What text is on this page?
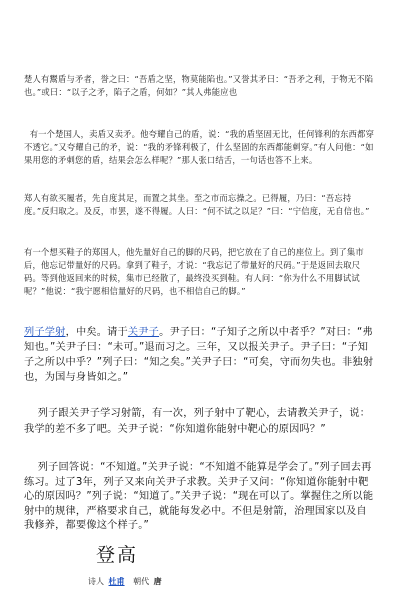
楚人有鬻盾与矛者，誉之曰：“吾盾之坚，物莫能陷也。”又誉其矛曰：“吾矛之利，于物无不陷也。”或曰：“以子之矛，陷子之盾，何如？”其人弗能应也
有一个楚国人，卖盾又卖矛。他夸耀自己的盾，说：“我的盾坚固无比，任何锋利的东西都穿不透它。”又夸耀自己的矛，说：“我的矛锋利极了，什么坚固的东西都能刺穿。”有人问他：“如果用您的矛刺您的盾，结果会怎么样呢？”那人张口结舌，一句话也答不上来。
郑人有欲买履者，先自度其足，而置之其坐。至之市而忘操之。已得履，乃曰：“吾忘持度。”反归取之。及反，市罢，遂不得履。人曰：“何不试之以足？”曰：“宁信度，无自信也。”
有一个想买鞋子的郑国人，他先量好自己的脚的尺码，把它放在了自己的座位上。到了集市后，他忘记带量好的尺码。拿到了鞋子，才说：“我忘记了带量好的尺码。”于是返回去取尺码。等到他返回来的时候，集市已经散了，最终没买到鞋。有人问：“你为什么不用脚试试呢？”他说：“我宁愿相信量好的尺码，也不相信自己的脚。”
列子学射，中矣。请于关尹子。尹子曰：“子知子之所以中者乎？”对曰：“弗知也。”关尹子曰：“未可。”退而习之。三年，又以报关尹子。尹子曰：“子知子之所以中乎？”列子曰：“知之矣。”关尹子曰：“可矣，守而勿失也。非独射也，为国与身皆如之。”
列子跟关尹子学习射箭，有一次，列子射中了靶心，去请教关尹子，说：我学的差不多了吧。关尹子说：“你知道你能射中靶心的原因吗？”
列子回答说：“不知道。”关尹子说：“不知道不能算是学会了。”列子回去再练习。过了3年，列子又来向关尹子求教。关尹子又问：“你知道你能射中靶心的原因吗？”列子说：“知道了。”关尹子说：“现在可以了。掌握住之所以能射中的规律，严格要求自己，就能每发必中。不但是射箭，治理国家以及自我修养，都要像这个样子。”
登高
诗人 杜甫 朝代 唐
